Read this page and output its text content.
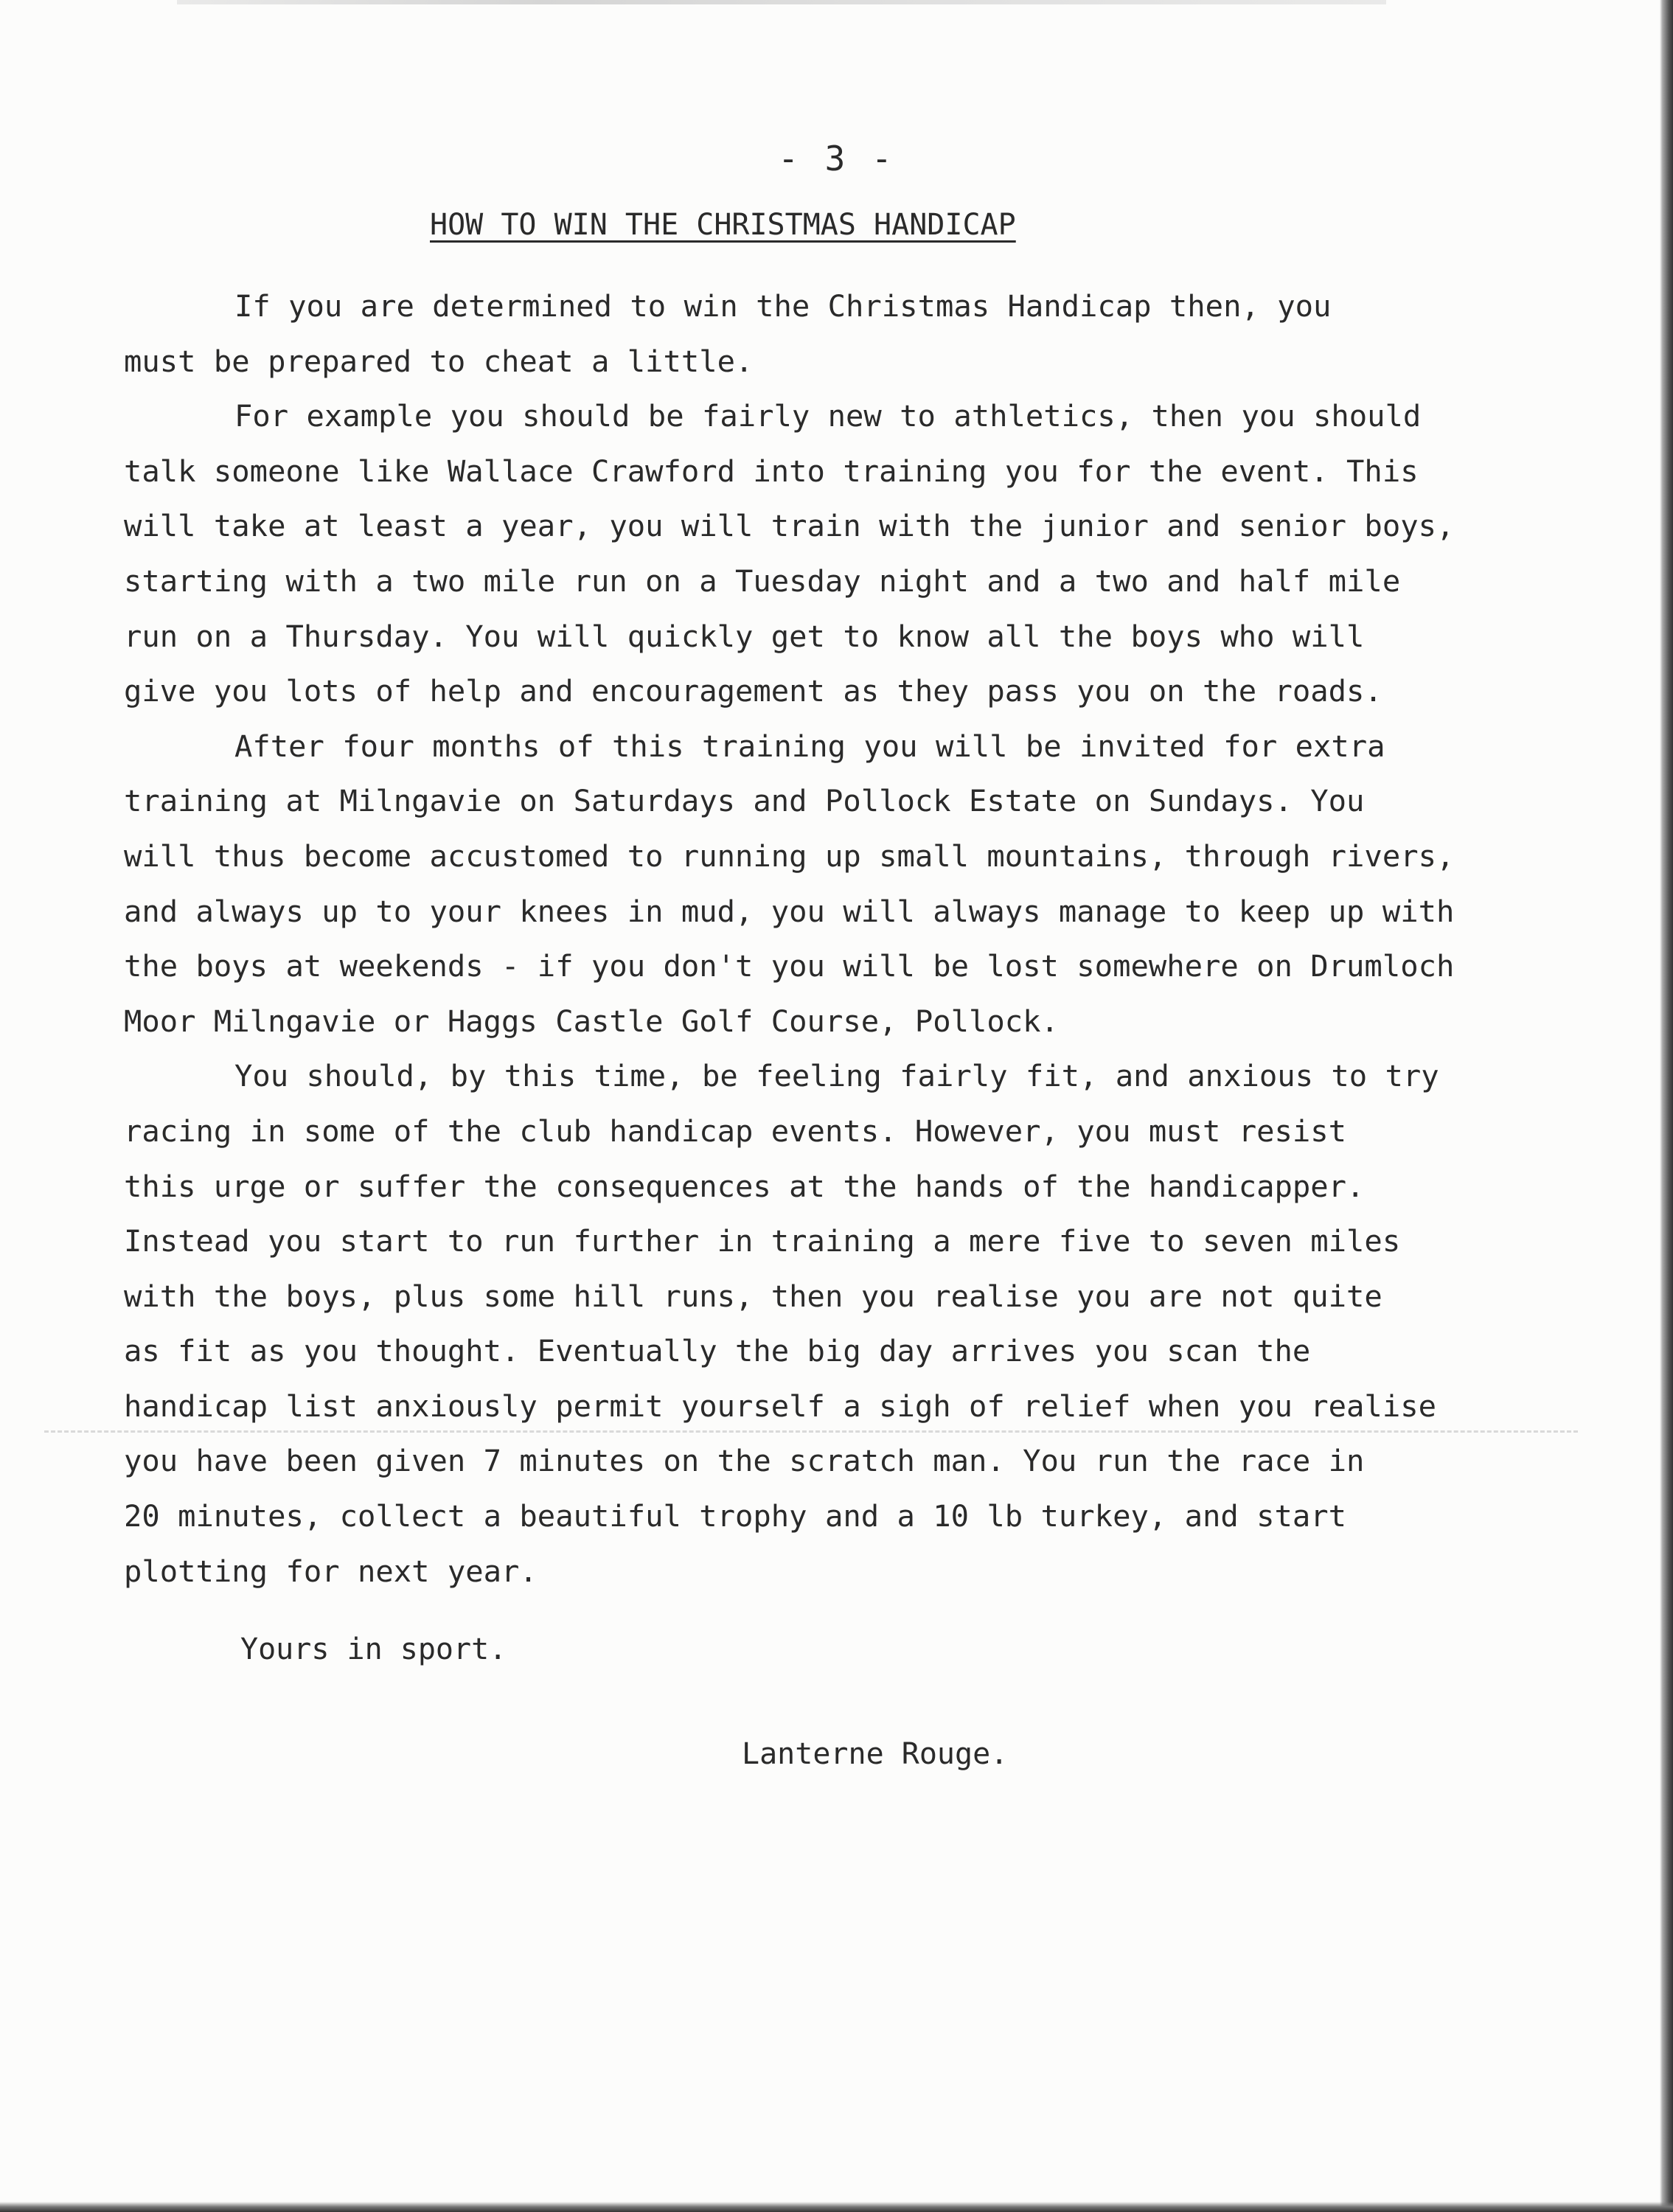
- 3 -
HOW TO WIN THE CHRISTMAS HANDICAP
If you are determined to win the Christmas Handicap then, you
must be prepared to cheat a little.
For example you should be fairly new to athletics, then you should
talk someone like Wallace Crawford into training you for the event. This
will take at least a year, you will train with the junior and senior boys,
starting with a two mile run on a Tuesday night and a two and half mile
run on a Thursday. You will quickly get to know all the boys who will
give you lots of help and encouragement as they pass you on the roads.
After four months of this training you will be invited for extra
training at Milngavie on Saturdays and Pollock Estate on Sundays. You
will thus become accustomed to running up small mountains, through rivers,
and always up to your knees in mud, you will always manage to keep up with
the boys at weekends - if you don't you will be lost somewhere on Drumloch
Moor Milngavie or Haggs Castle Golf Course, Pollock.
You should, by this time, be feeling fairly fit, and anxious to try
racing in some of the club handicap events. However, you must resist
this urge or suffer the consequences at the hands of the handicapper.
Instead you start to run further in training a mere five to seven miles
with the boys, plus some hill runs, then you realise you are not quite
as fit as you thought. Eventually the big day arrives you scan the
handicap list anxiously permit yourself a sigh of relief when you realise
you have been given 7 minutes on the scratch man. You run the race in
20 minutes, collect a beautiful trophy and a 10 lb turkey, and start
plotting for next year.
Yours in sport.
Lanterne Rouge.
